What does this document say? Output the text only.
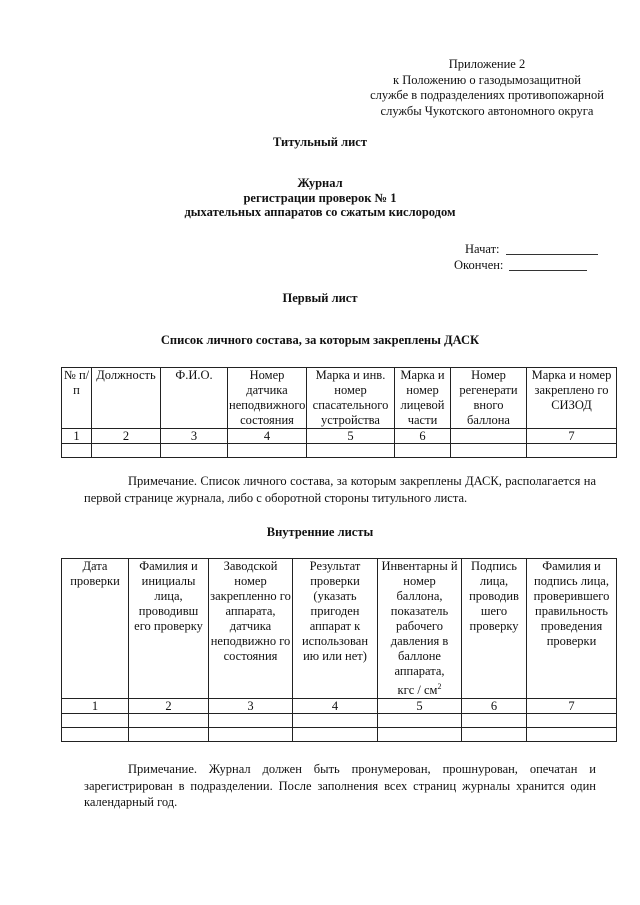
Приложение 2
к Положению о газодымозащитной
службе в подразделениях противопожарной
службы Чукотского автономного округа
Титульный лист
Журнал
регистрации проверок № 1
дыхательных аппаратов со сжатым кислородом
Начат:
Окончен:
Первый лист
Список личного состава, за которым закреплены ДАСК
№ п/п	Должность	Ф.И.О.	Номер датчика неподвижного состояния	Марка и инв. номер спасательного устройства	Марка и номер лицевой части	Номер регенерати вного баллона	Марка и номер закреплено го СИЗОД
1	2	3	4	5	6		7

Примечание. Список личного состава, за которым закреплены ДАСК, располагается на первой странице журнала, либо с оборотной стороны титульного листа.

Внутренние листы
Дата проверки	Фамилия и инициалы лица, проводивш его проверку	Заводской номер закрепленно го аппарата, датчика неподвижно го состояния	Результат проверки (указать пригоден аппарат к использован ию или нет)	Инвентарны й номер баллона, показатель рабочего давления в баллоне аппарата,
кгс / $см^2$	Подпись лица, проводив шего проверку	Фамилия и подпись лица, проверившего правильность проведения проверки
1	2	3	4	5	6	7

Примечание. Журнал должен быть пронумерован, прошнурован, опечатан и зарегистрирован в подразделении. После заполнения всех страниц журналы хранится один календарный год.
